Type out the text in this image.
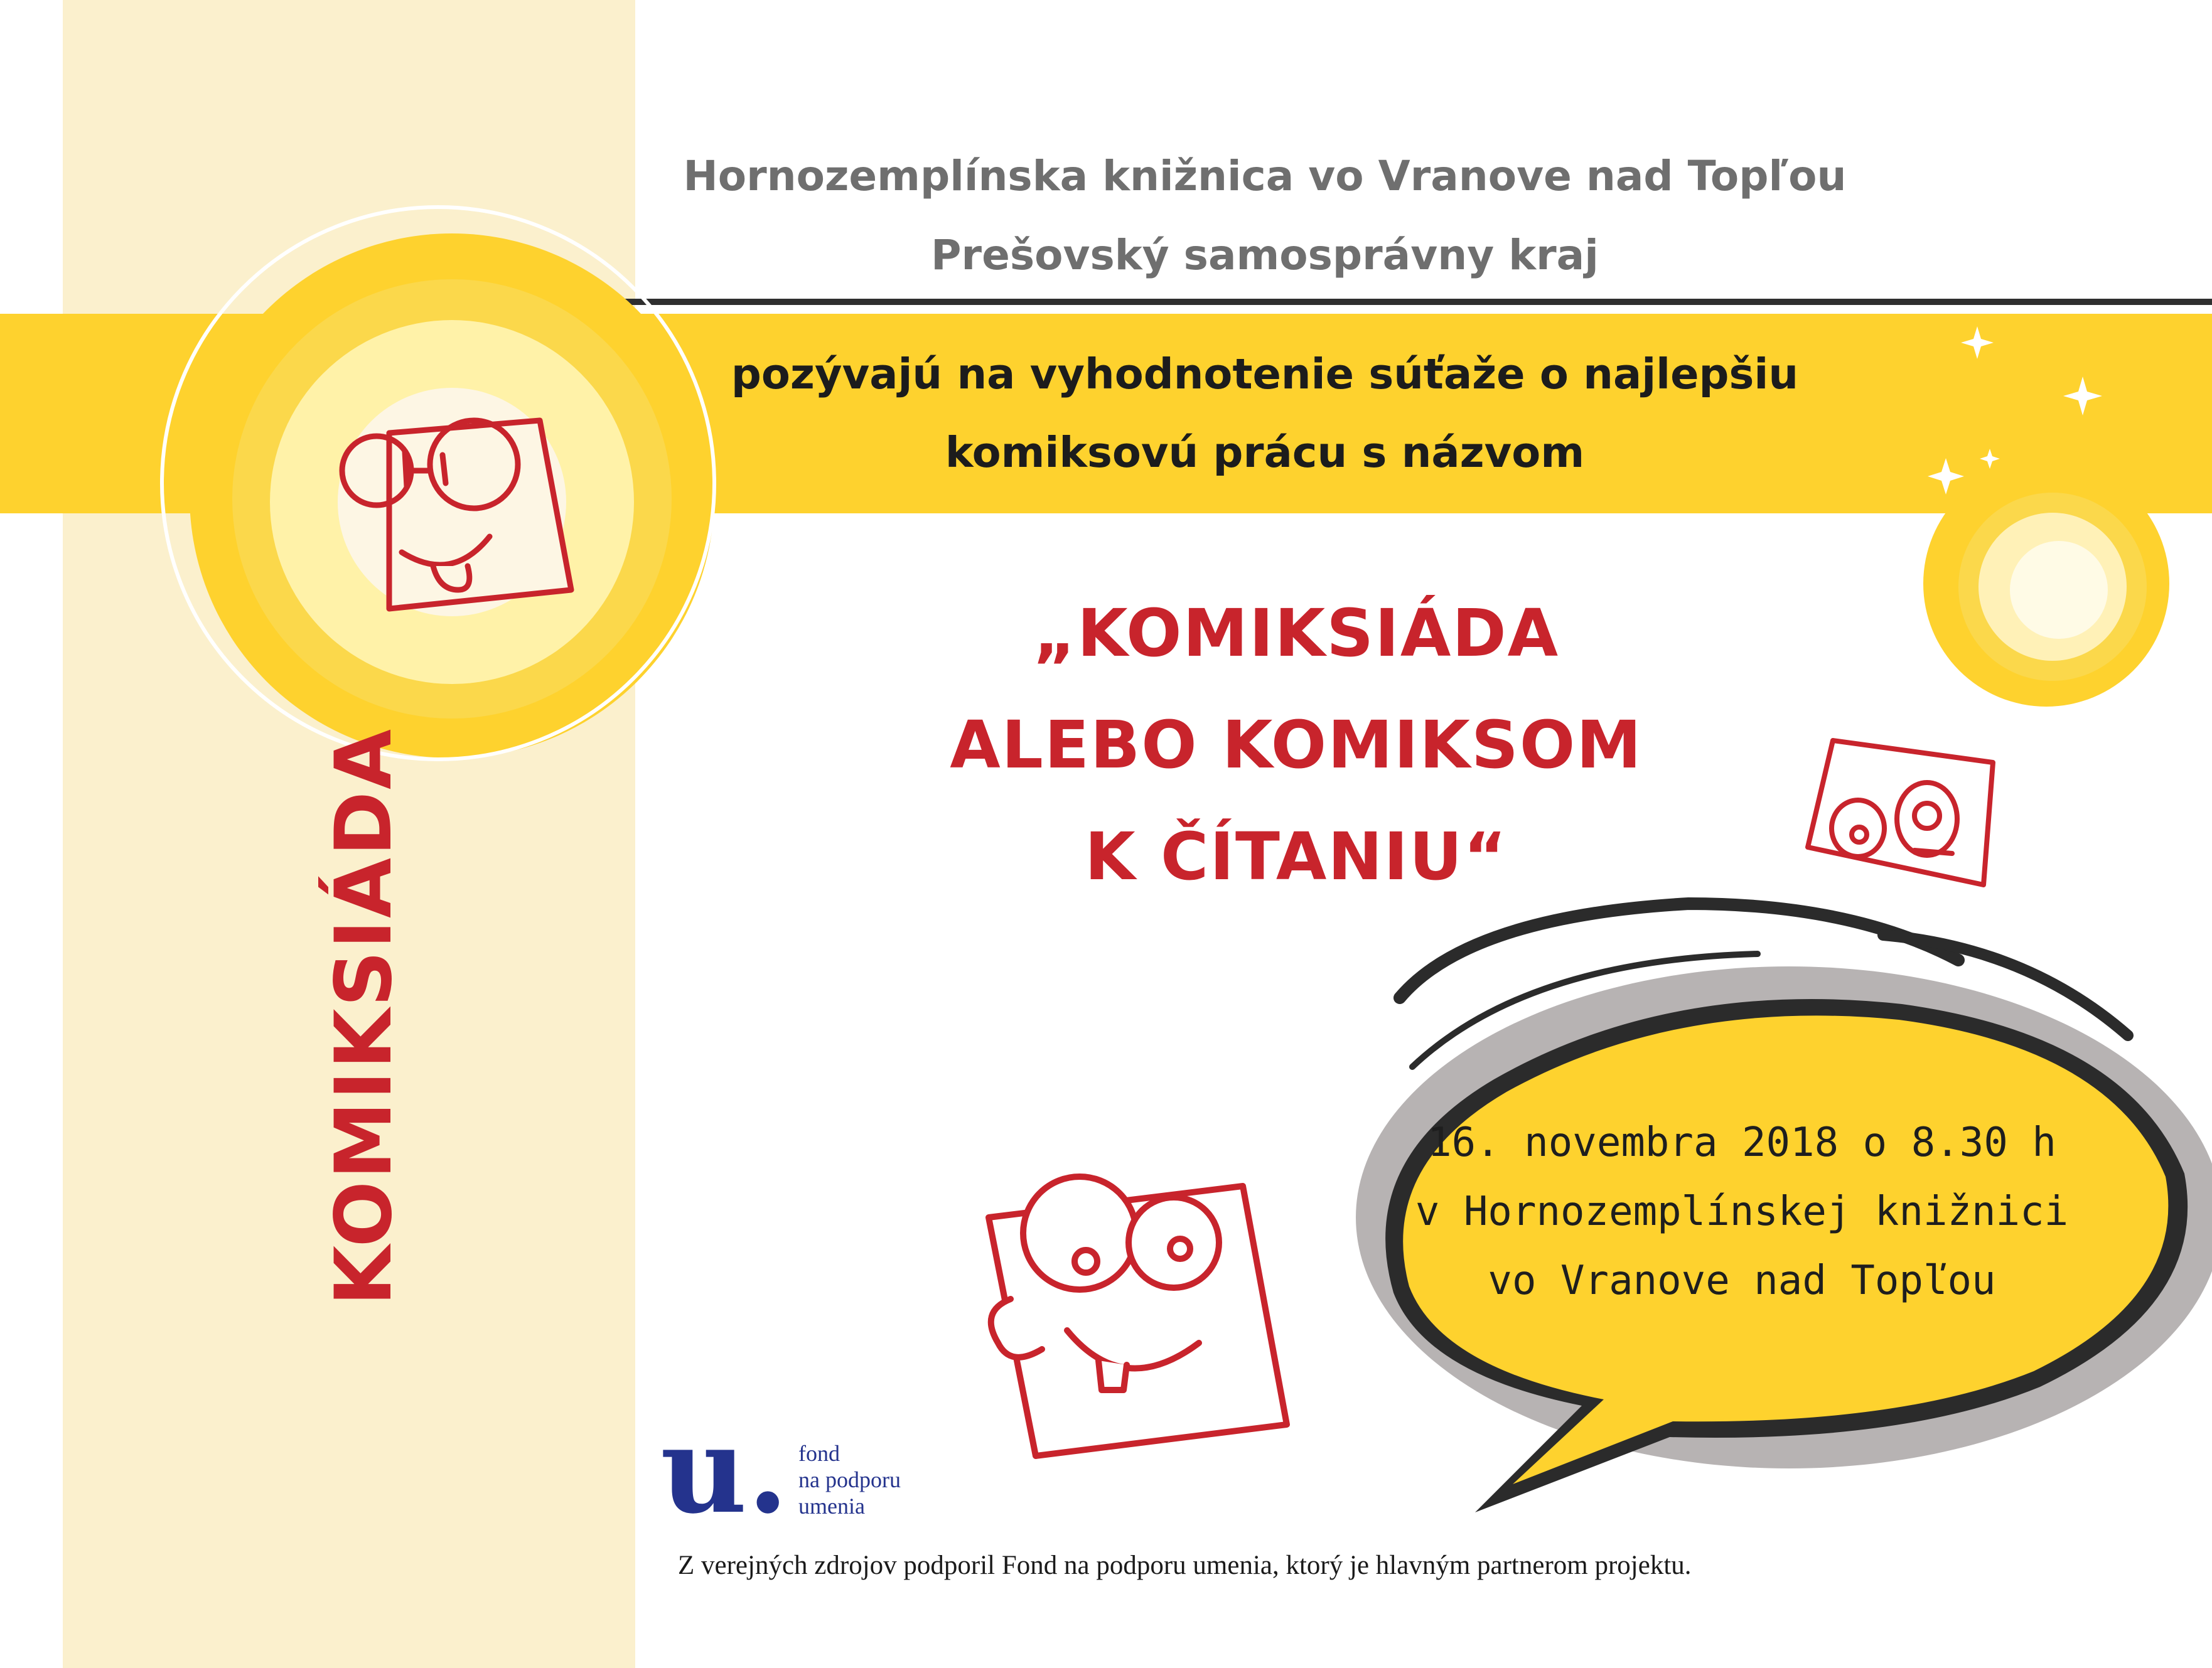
Hornozemplínska knižnica vo Vranove nad Topľou
Prešovský samosprávny kraj
pozývajú na vyhodnotenie súťaže o najlepšiu
komiksovú prácu s názvom
„KOMIKSIÁDA
ALEBO KOMIKSOM
K ČÍTANIU“
KOMIKSIÁDA	16. novembra 2018 o 8.30 h
v Hornozemplínskej knižnici
vo Vranove nad Topľou
u. fond
na podporu
umenia
Z verejných zdrojov podporil Fond na podporu umenia, ktorý je hlavným partnerom projektu.
